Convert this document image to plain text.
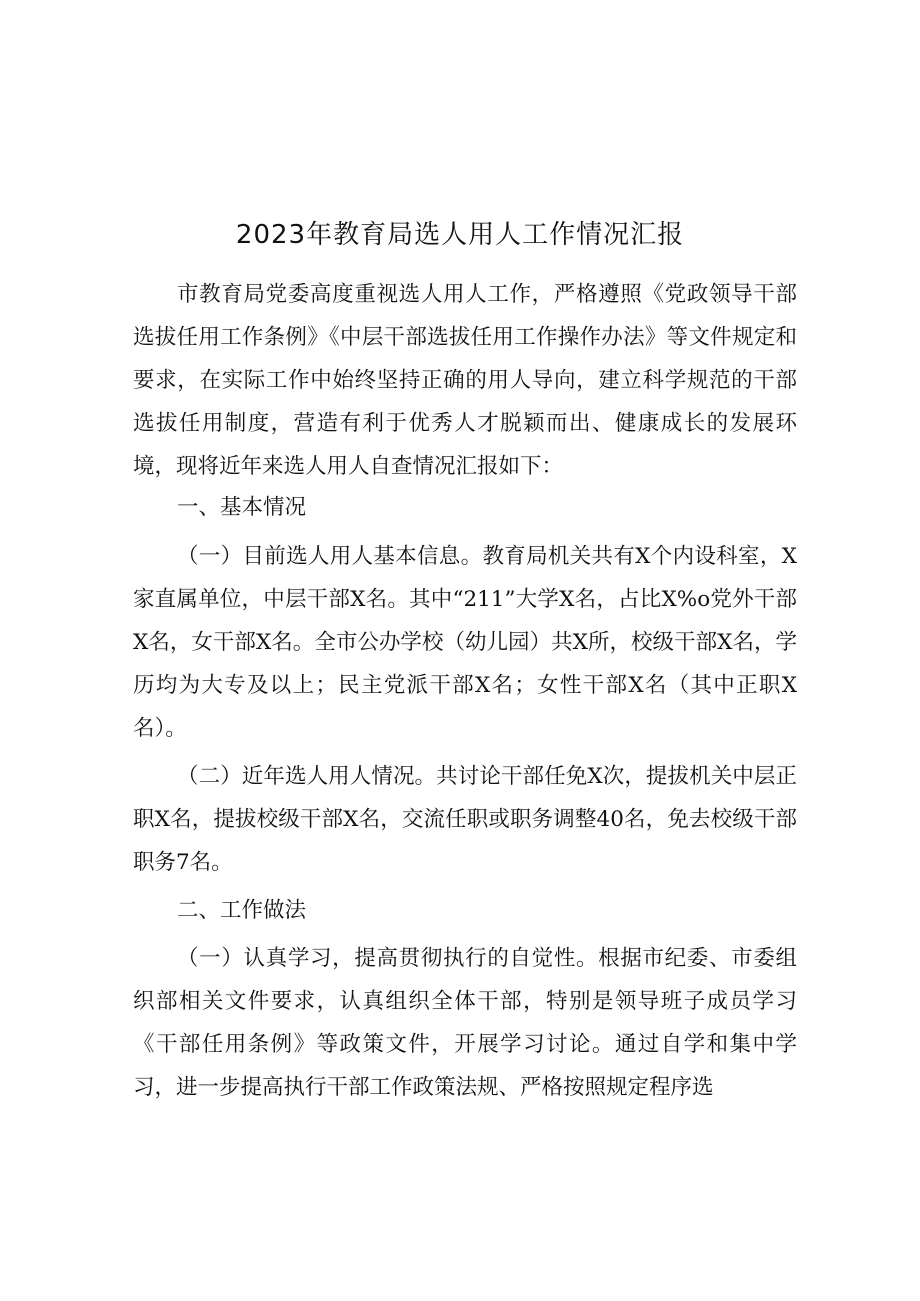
2023年教育局选人用人工作情况汇报

市教育局党委高度重视选人用人工作，严格遵照《党政领导干部选拔任用工作条例》《中层干部选拔任用工作操作办法》等文件规定和要求，在实际工作中始终坚持正确的用人导向，建立科学规范的干部选拔任用制度，营造有利于优秀人才脱颖而出、健康成长的发展环境，现将近年来选人用人自查情况汇报如下：

一、基本情况

（一）目前选人用人基本信息。教育局机关共有X个内设科室，X家直属单位，中层干部X名。其中“211”大学X名，占比X%o党外干部X名，女干部X名。全市公办学校（幼儿园）共X所，校级干部X名，学历均为大专及以上；民主党派干部X名；女性干部X名（其中正职X名）。

（二）近年选人用人情况。共讨论干部任免X次，提拔机关中层正职X名，提拔校级干部X名，交流任职或职务调整40名，免去校级干部职务7名。

二、工作做法

（一）认真学习，提高贯彻执行的自觉性。根据市纪委、市委组织部相关文件要求，认真组织全体干部，特别是领导班子成员学习《干部任用条例》等政策文件，开展学习讨论。通过自学和集中学习，进一步提高执行干部工作政策法规、严格按照规定程序选
